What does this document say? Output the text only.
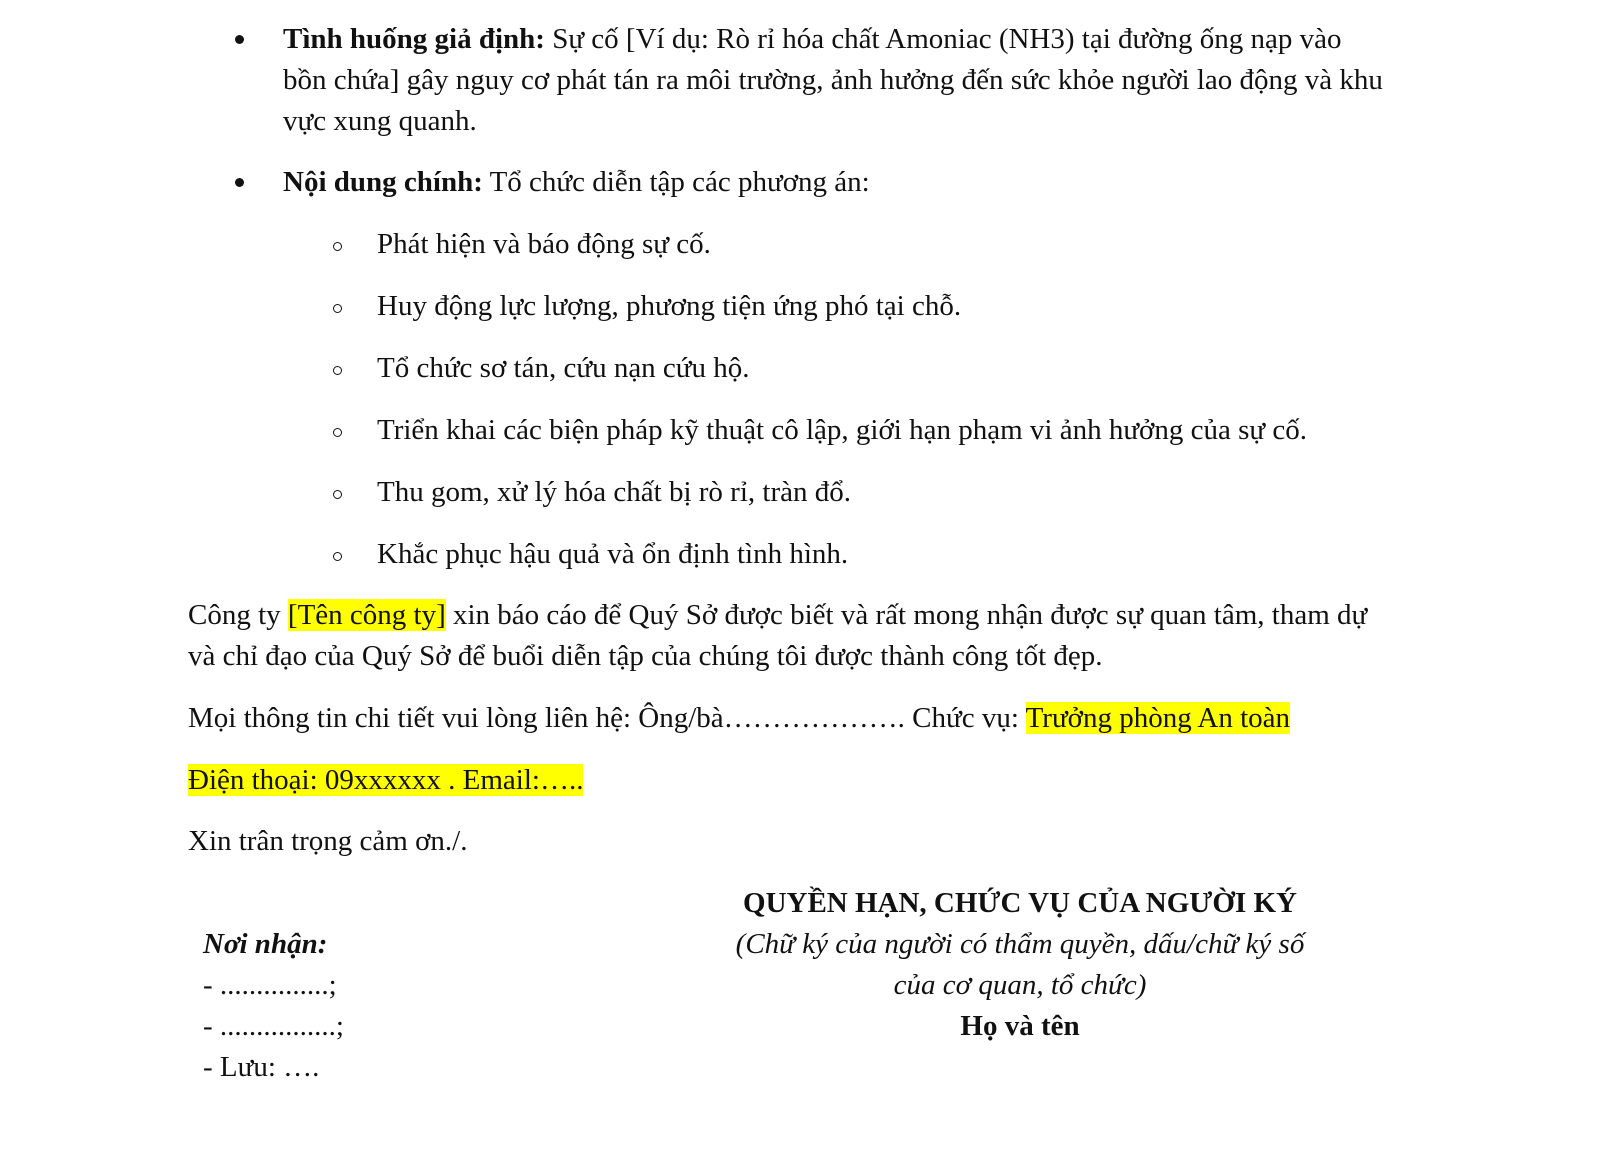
Tình huống giả định: Sự cố [Ví dụ: Rò rỉ hóa chất Amoniac (NH3) tại đường ống nạp vào
bồn chứa] gây nguy cơ phát tán ra môi trường, ảnh hưởng đến sức khỏe người lao động và khu
vực xung quanh.
Nội dung chính: Tổ chức diễn tập các phương án:
Phát hiện và báo động sự cố.
Huy động lực lượng, phương tiện ứng phó tại chỗ.
Tổ chức sơ tán, cứu nạn cứu hộ.
Triển khai các biện pháp kỹ thuật cô lập, giới hạn phạm vi ảnh hưởng của sự cố.
Thu gom, xử lý hóa chất bị rò rỉ, tràn đổ.
Khắc phục hậu quả và ổn định tình hình.
Công ty [Tên công ty] xin báo cáo để Quý Sở được biết và rất mong nhận được sự quan tâm, tham dự
và chỉ đạo của Quý Sở để buổi diễn tập của chúng tôi được thành công tốt đẹp.
Mọi thông tin chi tiết vui lòng liên hệ: Ông/bà………………. Chức vụ: Trưởng phòng An toàn
Điện thoại: 09xxxxxx . Email:…..
Xin trân trọng cảm ơn./.
QUYỀN HẠN, CHỨC VỤ CỦA NGƯỜI KÝ
(Chữ ký của người có thẩm quyền, dấu/chữ ký số
của cơ quan, tổ chức)
Họ và tên
Nơi nhận:
- ...............;
- ................;
- Lưu: ….
